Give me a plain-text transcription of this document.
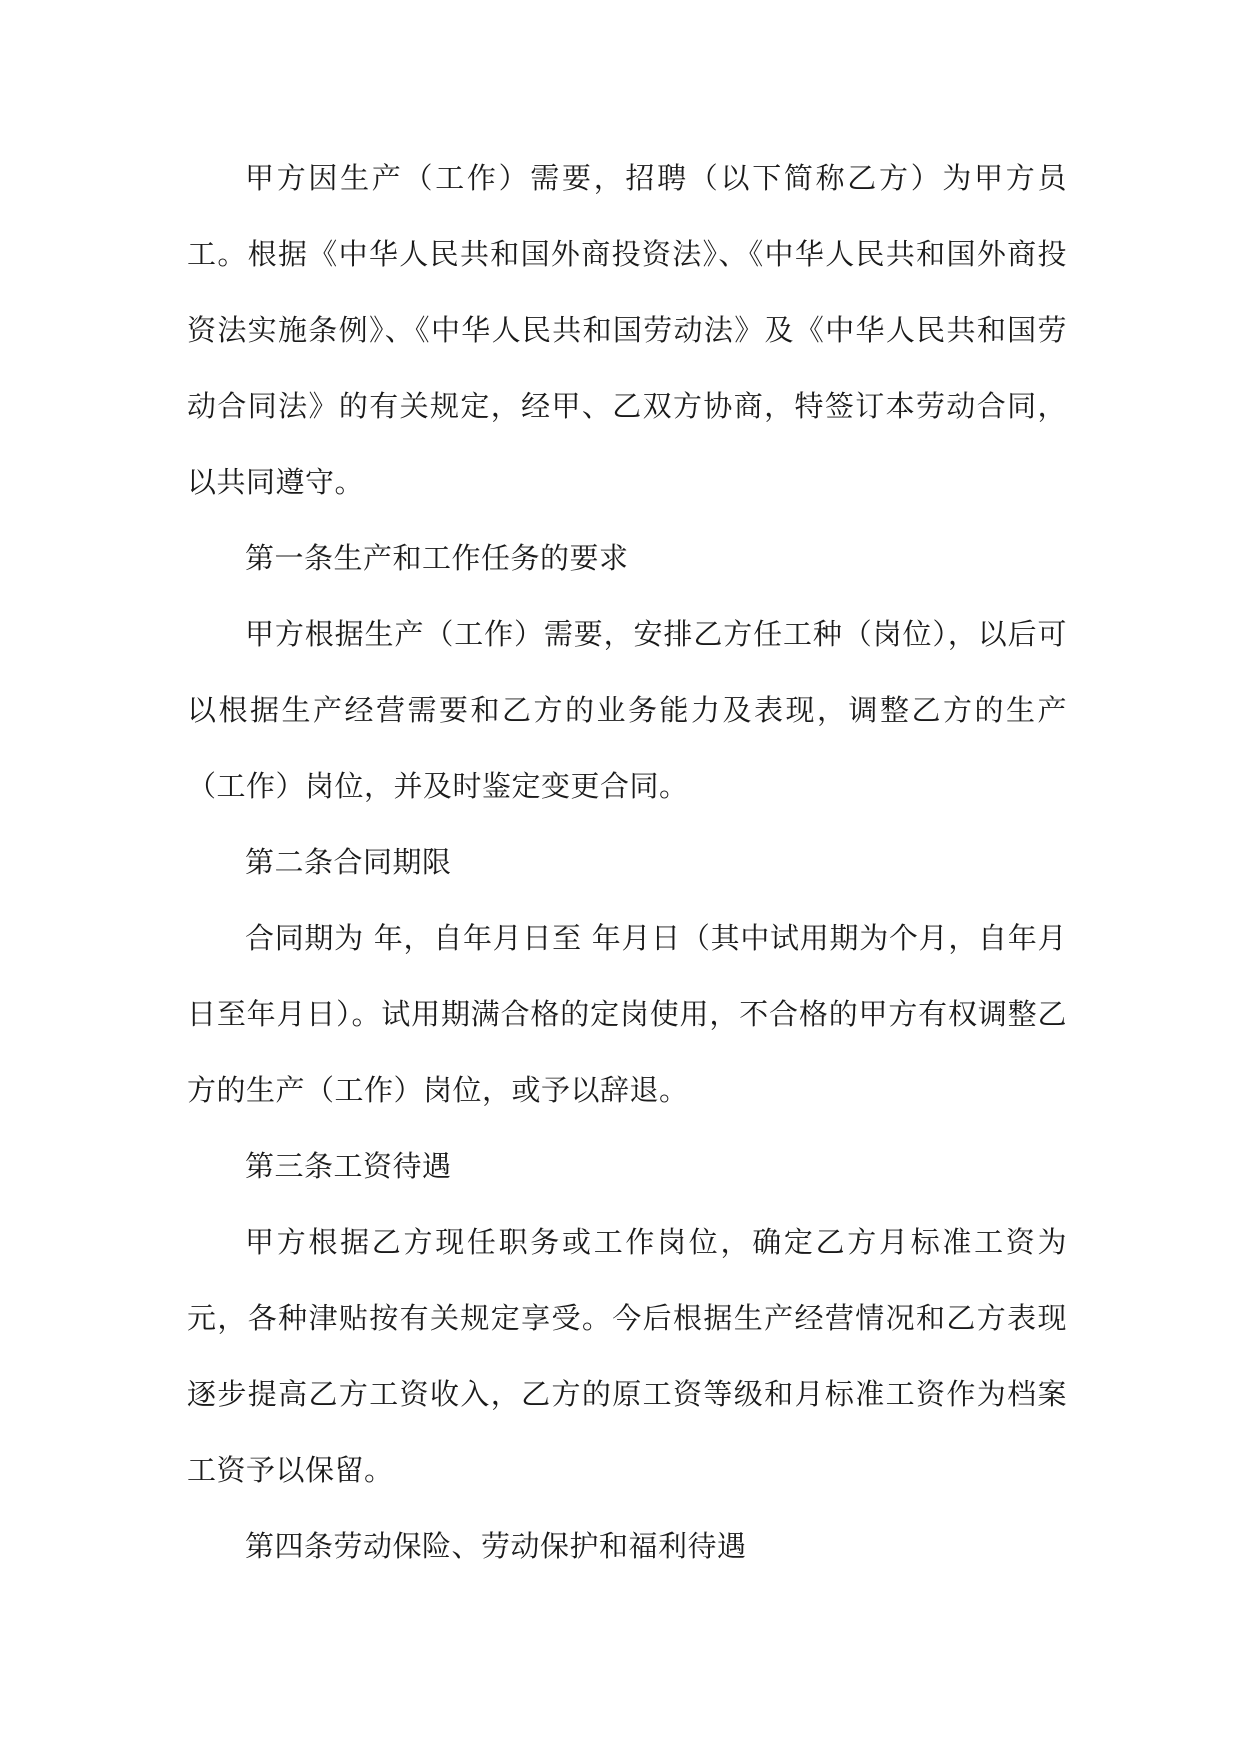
甲方因生产（工作）需要，招聘（以下简称乙方）为甲方员工。根据《中华人民共和国外商投资法》、《中华人民共和国外商投资法实施条例》、《中华人民共和国劳动法》及《中华人民共和国劳动合同法》的有关规定，经甲、乙双方协商，特签订本劳动合同，以共同遵守。

第一条生产和工作任务的要求

甲方根据生产（工作）需要，安排乙方任工种（岗位），以后可以根据生产经营需要和乙方的业务能力及表现，调整乙方的生产（工作）岗位，并及时鉴定变更合同。

第二条合同期限

合同期为 年，自年月日至 年月日（其中试用期为个月，自年月日至年月日）。试用期满合格的定岗使用，不合格的甲方有权调整乙方的生产（工作）岗位，或予以辞退。

第三条工资待遇

甲方根据乙方现任职务或工作岗位，确定乙方月标准工资为元，各种津贴按有关规定享受。今后根据生产经营情况和乙方表现逐步提高乙方工资收入，乙方的原工资等级和月标准工资作为档案工资予以保留。

第四条劳动保险、劳动保护和福利待遇
